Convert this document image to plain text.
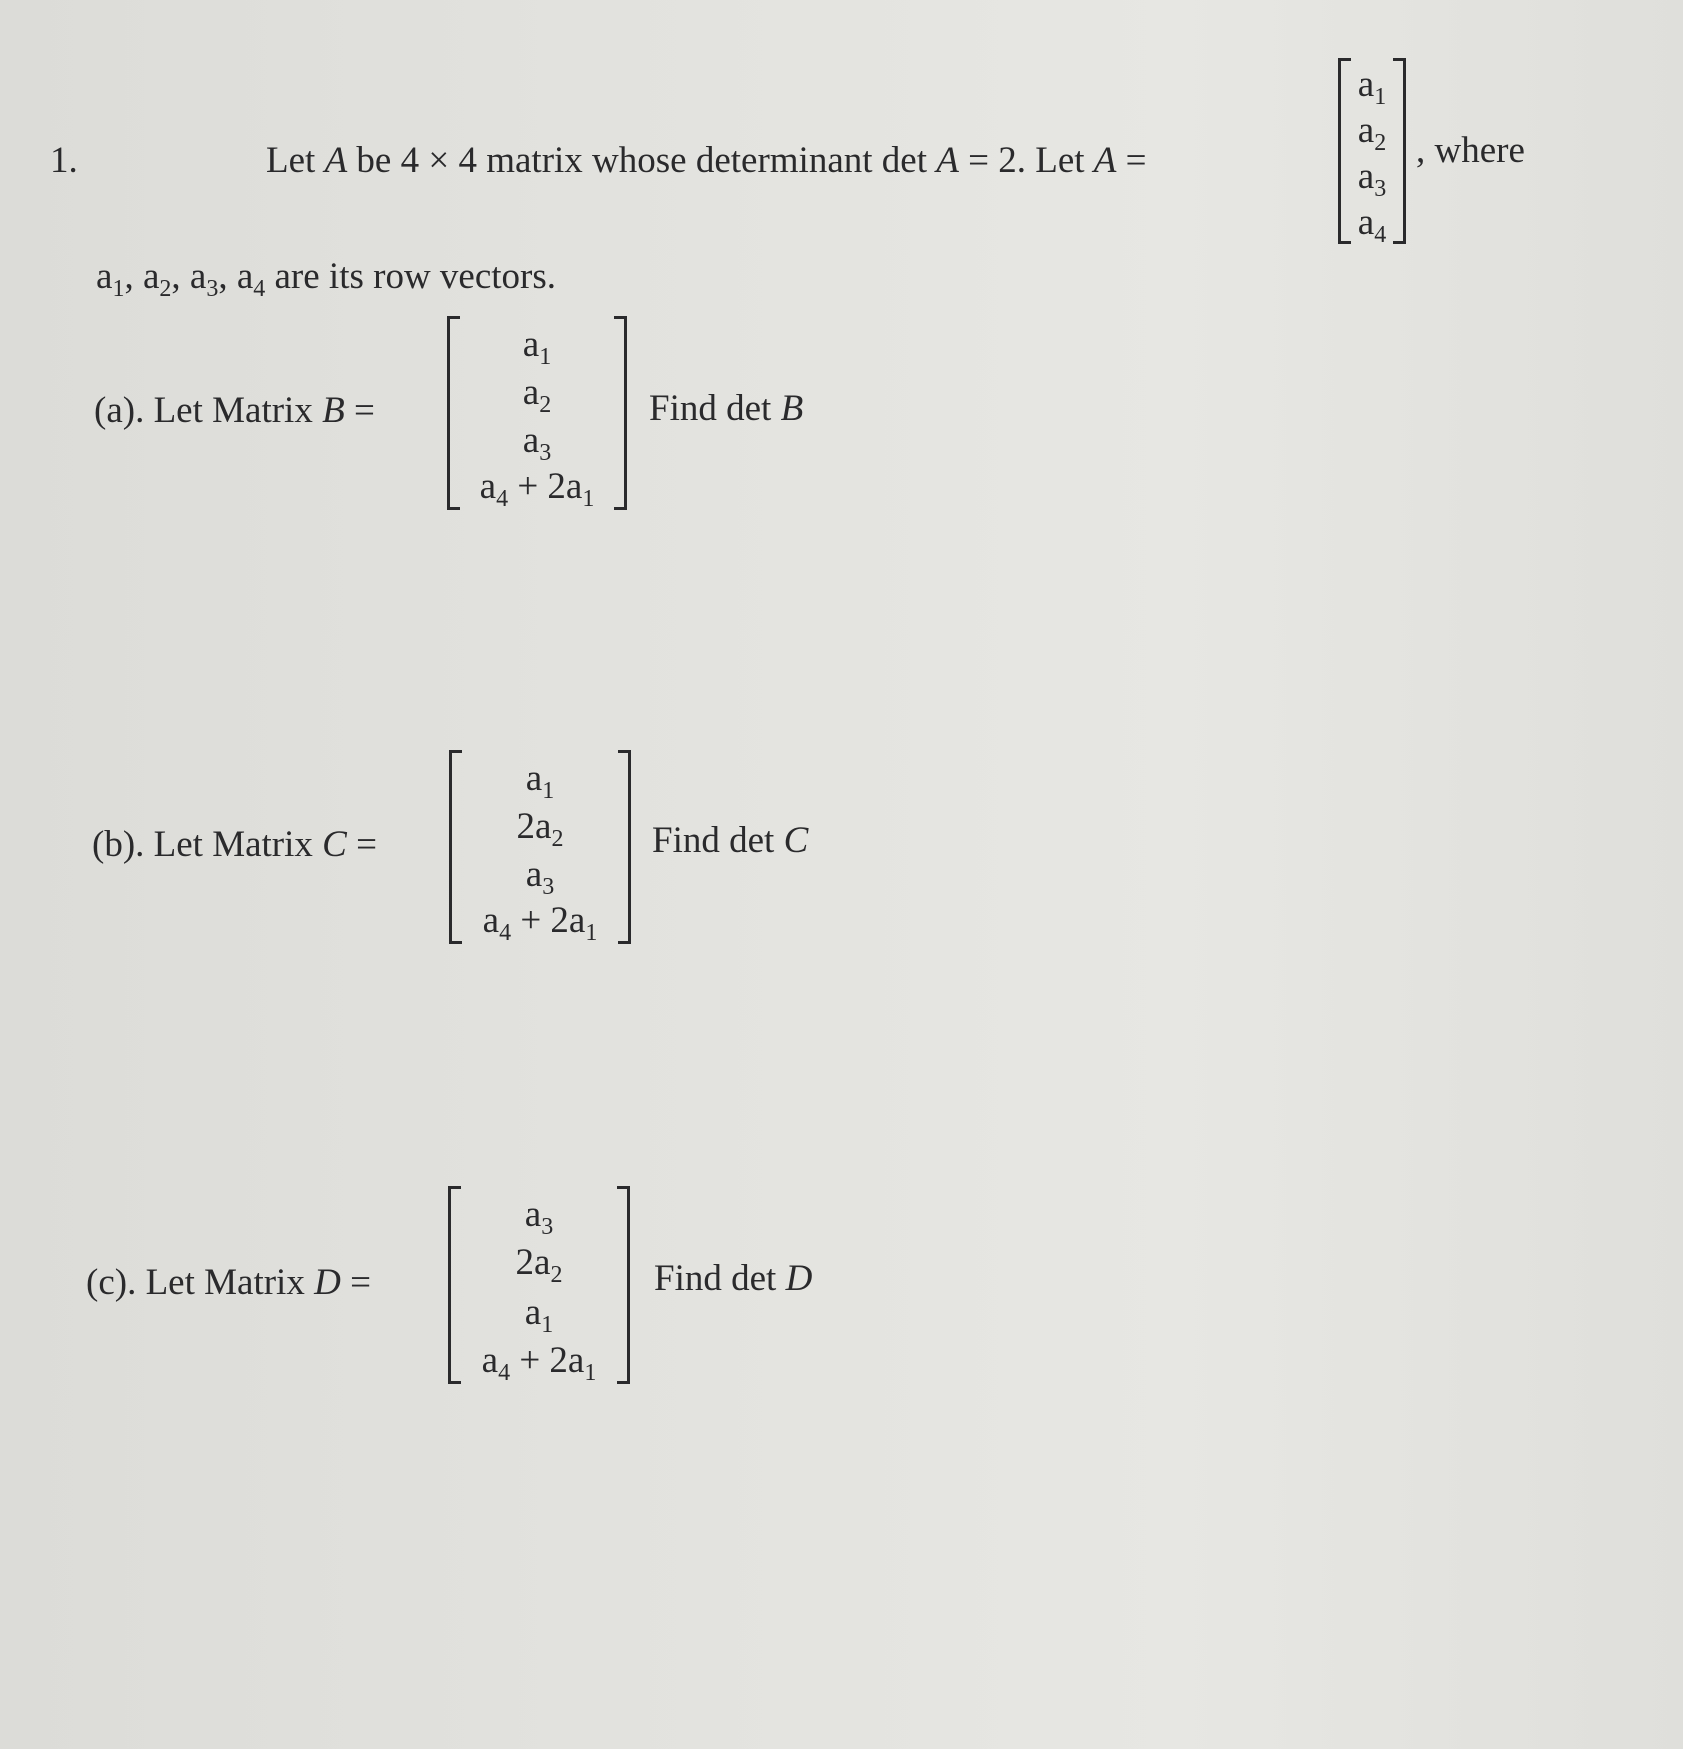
1.	Let A be 4 × 4 matrix whose determinant det A = 2. Let A =
$a_1$
$a_2$
$a_3$
$a_4$
, where
$a_1$, $a_2$, $a_3$, $a_4$ are its row vectors.
(a). Let Matrix B =
$a_1$
$a_2$
$a_3$
$a_4 + 2a_1$
Find det B
(b). Let Matrix C =
$a_1$
$2a_2$
$a_3$
$a_4 + 2a_1$
Find det C
(c). Let Matrix D =
$a_3$
$2a_2$
$a_1$
$a_4 + 2a_1$
Find det D
